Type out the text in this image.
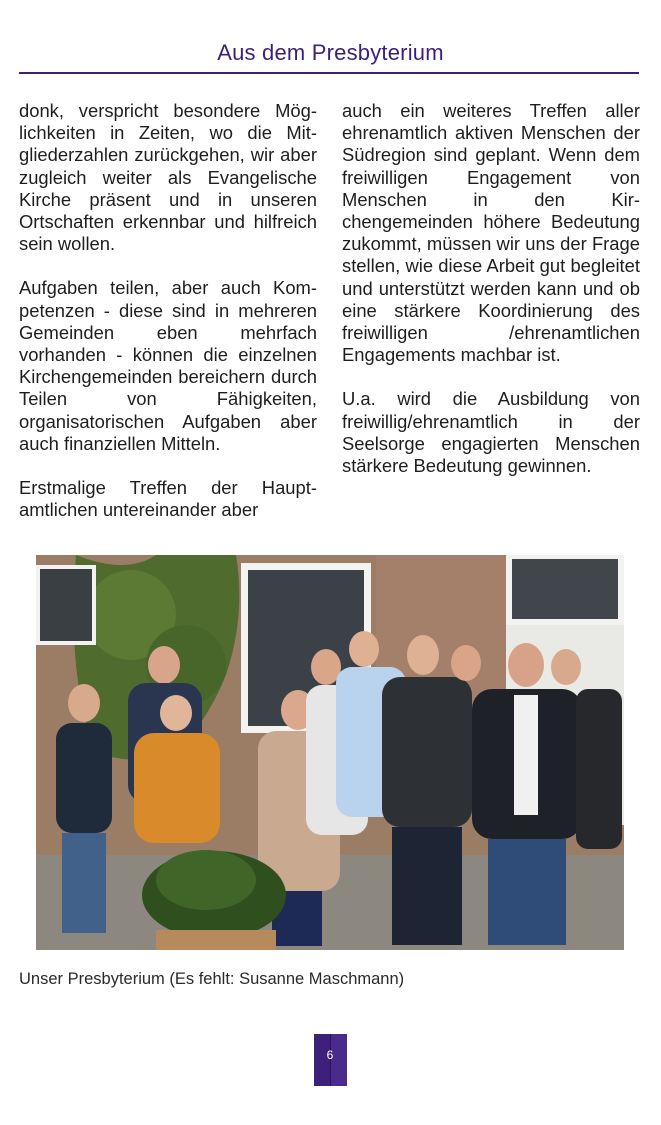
Aus dem Presbyterium

donk, verspricht besondere Möglichkeiten in Zeiten, wo die Mitgliederzahlen zurückgehen, wir aber zugleich weiter als Evangelische Kirche präsent und in unseren Ortschaften erkennbar und hilfreich sein wollen.

Aufgaben teilen, aber auch Kompetenzen - diese sind in mehreren Gemeinden eben mehrfach vorhanden - können die einzelnen Kirchengemeinden bereichern durch Teilen von Fähigkeiten, organisatorischen Aufgaben aber auch finanziellen Mitteln.

Erstmalige Treffen der Hauptamtlichen untereinander aber

auch ein weiteres Treffen aller ehrenamtlich aktiven Menschen der Südregion sind geplant. Wenn dem freiwilligen Engagement von Menschen in den Kirchengemeinden höhere Bedeutung zukommt, müssen wir uns der Frage stellen, wie diese Arbeit gut begleitet und unterstützt werden kann und ob eine stärkere Koordinierung des freiwilligen /ehrenamtlichen Engagements machbar ist.

U.a. wird die Ausbildung von freiwillig/ehrenamtlich in der Seelsorge engagierten Menschen stärkere Bedeutung gewinnen.

Unser Presbyterium (Es fehlt: Susanne Maschmann)
6
